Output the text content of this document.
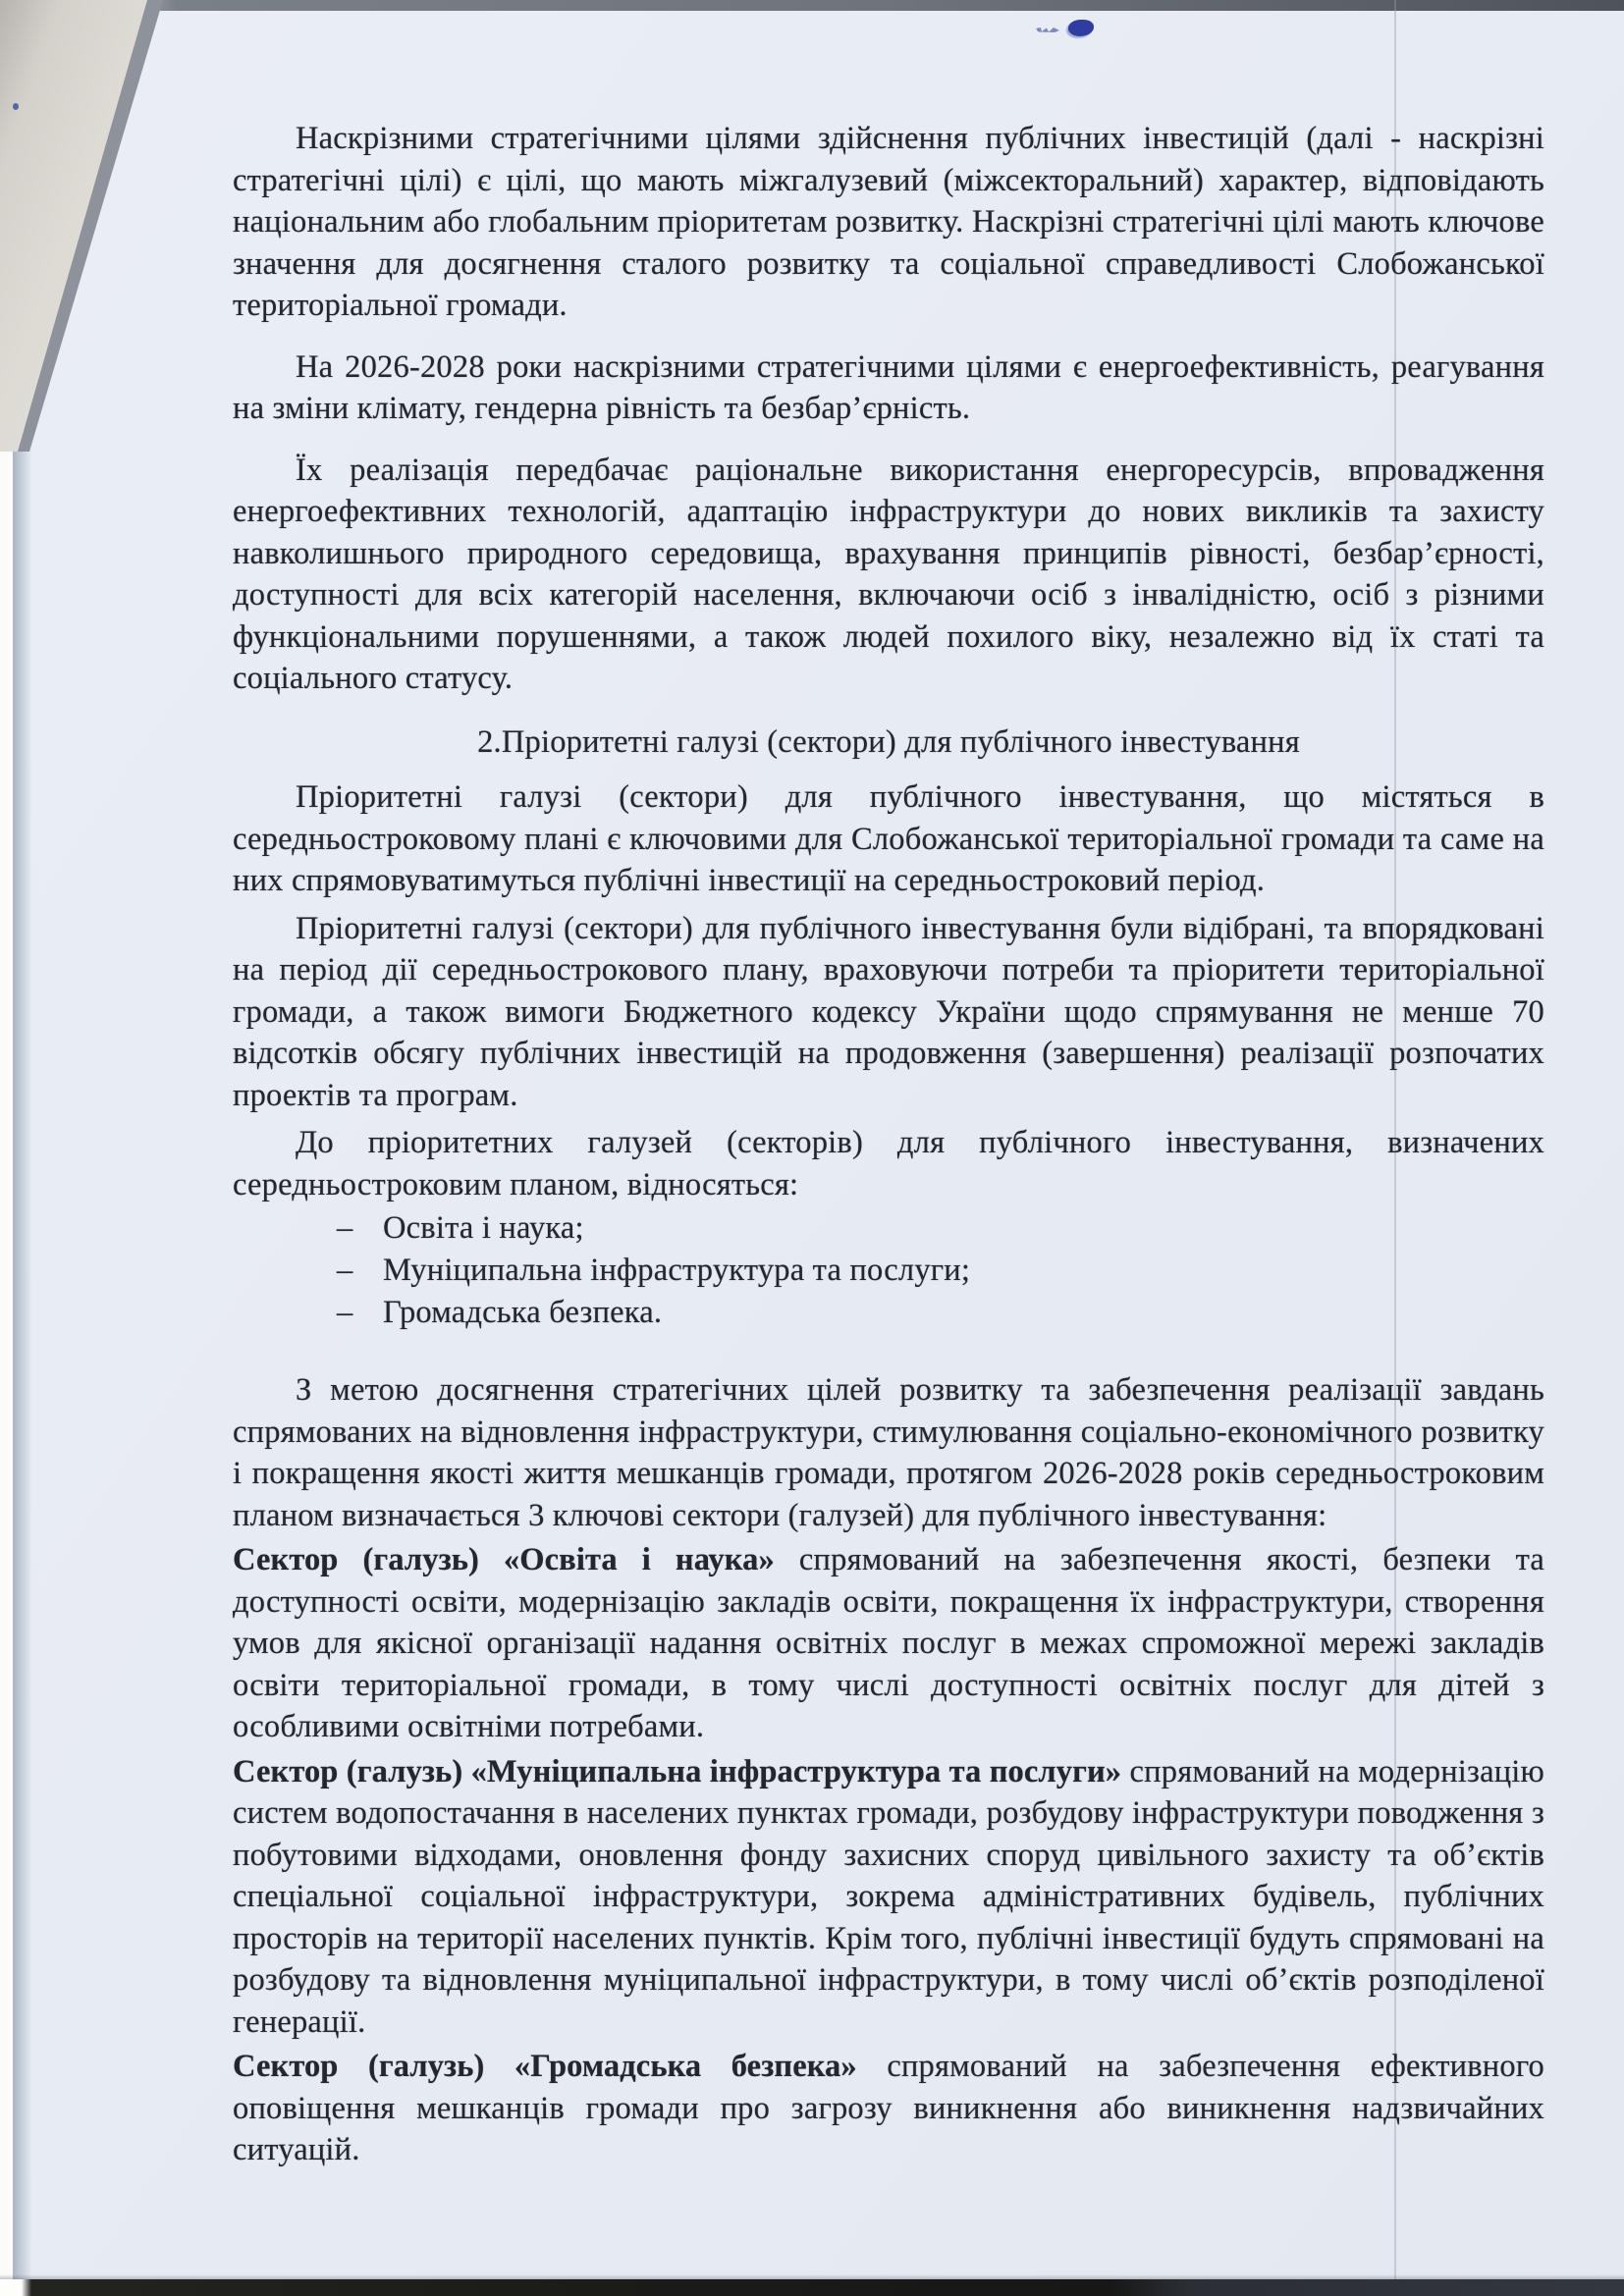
Наскрізними стратегічними цілями здійснення публічних інвестицій (далі - наскрізні стратегічні цілі) є цілі, що мають міжгалузевий (міжсекторальний) характер, відповідають національним або глобальним пріоритетам розвитку. Наскрізні стратегічні цілі мають ключове значення для досягнення сталого розвитку та соціальної справедливості Слобожанської територіальної громади.

На 2026-2028 роки наскрізними стратегічними цілями є енергоефективність, реагування на зміни клімату, гендерна рівність та безбар’єрність.

Їх реалізація передбачає раціональне використання енергоресурсів, впровадження енергоефективних технологій, адаптацію інфраструктури до нових викликів та захисту навколишнього природного середовища, врахування принципів рівності, безбар’єрності, доступності для всіх категорій населення, включаючи осіб з інвалідністю, осіб з різними функціональними порушеннями, а також людей похилого віку, незалежно від їх статі та соціального статусу.

2.Пріоритетні галузі (сектори) для публічного інвестування

Пріоритетні галузі (сектори) для публічного інвестування, що містяться в середньостроковому плані є ключовими для Слобожанської територіальної громади та саме на них спрямовуватимуться публічні інвестиції на середньостроковий період.

Пріоритетні галузі (сектори) для публічного інвестування були відібрані, та впорядковані на період дії середньострокового плану, враховуючи потреби та пріоритети територіальної громади, а також вимоги Бюджетного кодексу України щодо спрямування не менше 70 відсотків обсягу публічних інвестицій на продовження (завершення) реалізації розпочатих проектів та програм.

До пріоритетних галузей (секторів) для публічного інвестування, визначених середньостроковим планом, відносяться:

– Освіта і наука;
– Муніципальна інфраструктура та послуги;
– Громадська безпека.

З метою досягнення стратегічних цілей розвитку та забезпечення реалізації завдань спрямованих на відновлення інфраструктури, стимулювання соціально-економічного розвитку і покращення якості життя мешканців громади, протягом 2026-2028 років середньостроковим планом визначається 3 ключові сектори (галузей) для публічного інвестування:

Сектор (галузь) «Освіта і наука» спрямований на забезпечення якості, безпеки та доступності освіти, модернізацію закладів освіти, покращення їх інфраструктури, створення умов для якісної організації надання освітніх послуг в межах спроможної мережі закладів освіти територіальної громади, в тому числі доступності освітніх послуг для дітей з особливими освітніми потребами.

Сектор (галузь) «Муніципальна інфраструктура та послуги» спрямований на модернізацію систем водопостачання в населених пунктах громади, розбудову інфраструктури поводження з побутовими відходами, оновлення фонду захисних споруд цивільного захисту та об’єктів спеціальної соціальної інфраструктури, зокрема адміністративних будівель, публічних просторів на території населених пунктів. Крім того, публічні інвестиції будуть спрямовані на розбудову та відновлення муніципальної інфраструктури, в тому числі об’єктів розподіленої генерації.

Сектор (галузь) «Громадська безпека» спрямований на забезпечення ефективного оповіщення мешканців громади про загрозу виникнення або виникнення надзвичайних ситуацій.
